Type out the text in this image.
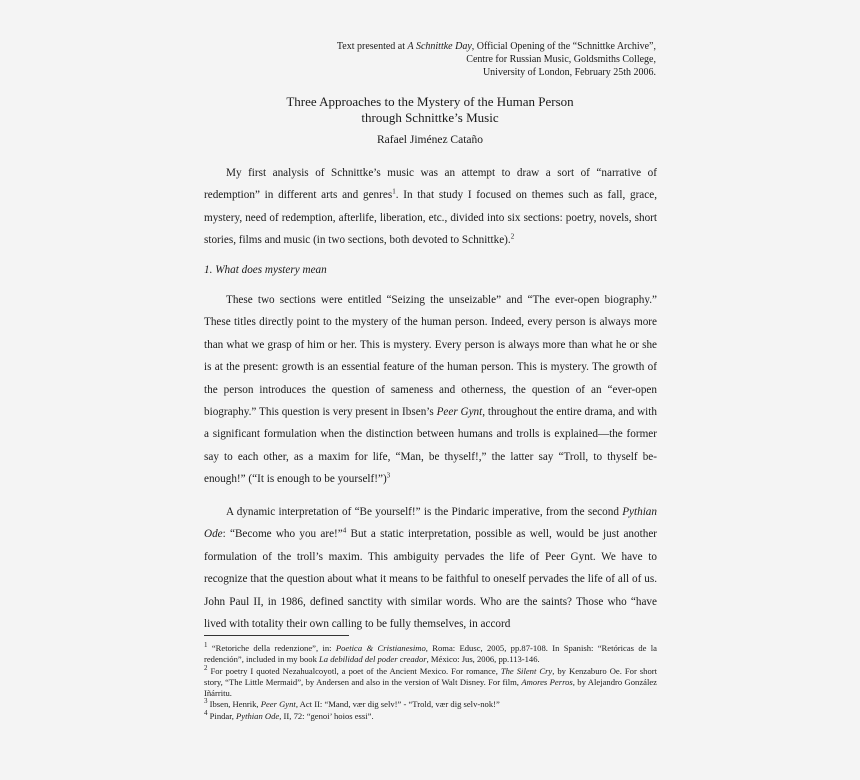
Text presented at A Schnittke Day, Official Opening of the “Schnittke Archive”,
Centre for Russian Music, Goldsmiths College,
University of London, February 25th 2006.
Three Approaches to the Mystery of the Human Person
through Schnittke’s Music
Rafael Jiménez Cataño
My first analysis of Schnittke’s music was an attempt to draw a sort of “narrative of redemption” in different arts and genres$^1$. In that study I focused on themes such as fall, grace, mystery, need of redemption, afterlife, liberation, etc., divided into six sections: poetry, novels, short stories, films and music (in two sections, both devoted to Schnittke).$^2$
1. What does mystery mean
These two sections were entitled “Seizing the unseizable” and “The ever-open biography.” These titles directly point to the mystery of the human person. Indeed, every person is always more than what we grasp of him or her. This is mystery. Every person is always more than what he or she is at the present: growth is an essential feature of the human person. This is mystery. The growth of the person introduces the question of sameness and otherness, the question of an “ever-open biography.” This question is very present in Ibsen’s Peer Gynt, throughout the entire drama, and with a significant formulation when the distinction between humans and trolls is explained—the former say to each other, as a maxim for life, “Man, be thyself!,” the latter say “Troll, to thyself be-enough!” (“It is enough to be yourself!”)$^3$
A dynamic interpretation of “Be yourself!” is the Pindaric imperative, from the second Pythian Ode: “Become who you are!”$^4$ But a static interpretation, possible as well, would be just another formulation of the troll’s maxim. This ambiguity pervades the life of Peer Gynt. We have to recognize that the question about what it means to be faithful to oneself pervades the life of all of us. John Paul II, in 1986, defined sanctity with similar words. Who are the saints? Those who “have lived with totality their own calling to be fully themselves, in accord

$^1$ “Retoriche della redenzione”, in: Poetica & Cristianesimo, Roma: Edusc, 2005, pp.87-108. In Spanish: “Retóricas de la redención”, included in my book La debilidad del poder creador, México: Jus, 2006, pp.113-146.

$^2$ For poetry I quoted Nezahualcoyotl, a poet of the Ancient Mexico. For romance, The Silent Cry, by Kenzaburo Oe. For short story, “The Little Mermaid”, by Andersen and also in the version of Walt Disney. For film, Amores Perros, by Alejandro González Iñárritu.

$^3$ Ibsen, Henrik, Peer Gynt, Act II: “Mand, vær dig selv!” - “Trold, vær dig selv-nok!”

$^4$ Pindar, Pythian Ode, II, 72: “genoi’ hoios essi”.
